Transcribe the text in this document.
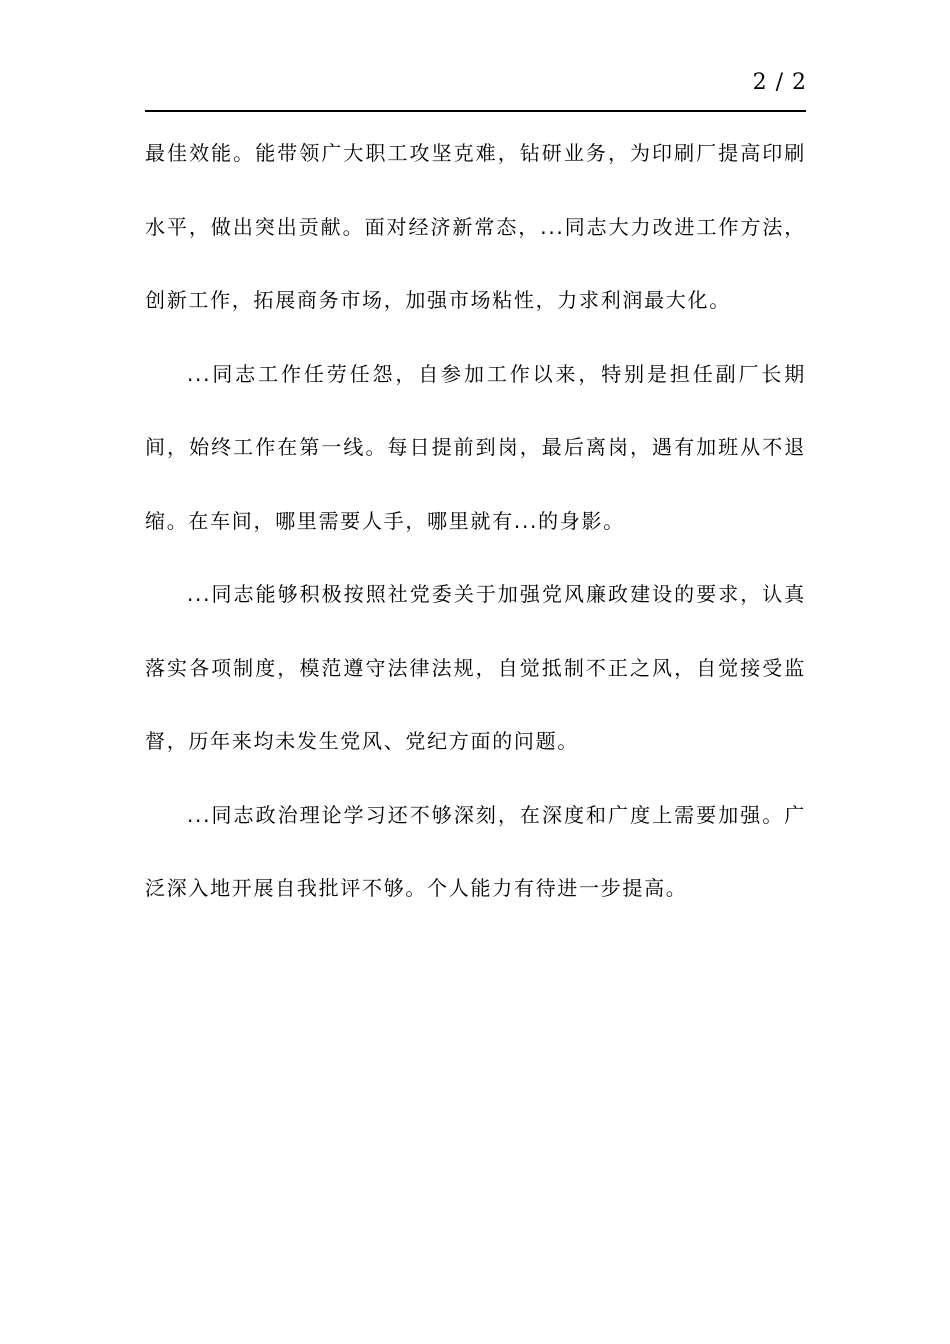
2 / 2

最佳效能。能带领广大职工攻坚克难，钻研业务，为印刷厂提高印刷水平，做出突出贡献。面对经济新常态，...同志大力改进工作方法，创新工作，拓展商务市场，加强市场粘性，力求利润最大化。

...同志工作任劳任怨，自参加工作以来，特别是担任副厂长期间，始终工作在第一线。每日提前到岗，最后离岗，遇有加班从不退缩。在车间，哪里需要人手，哪里就有...的身影。

...同志能够积极按照社党委关于加强党风廉政建设的要求，认真落实各项制度，模范遵守法律法规，自觉抵制不正之风，自觉接受监督，历年来均未发生党风、党纪方面的问题。

...同志政治理论学习还不够深刻，在深度和广度上需要加强。广泛深入地开展自我批评不够。个人能力有待进一步提高。
